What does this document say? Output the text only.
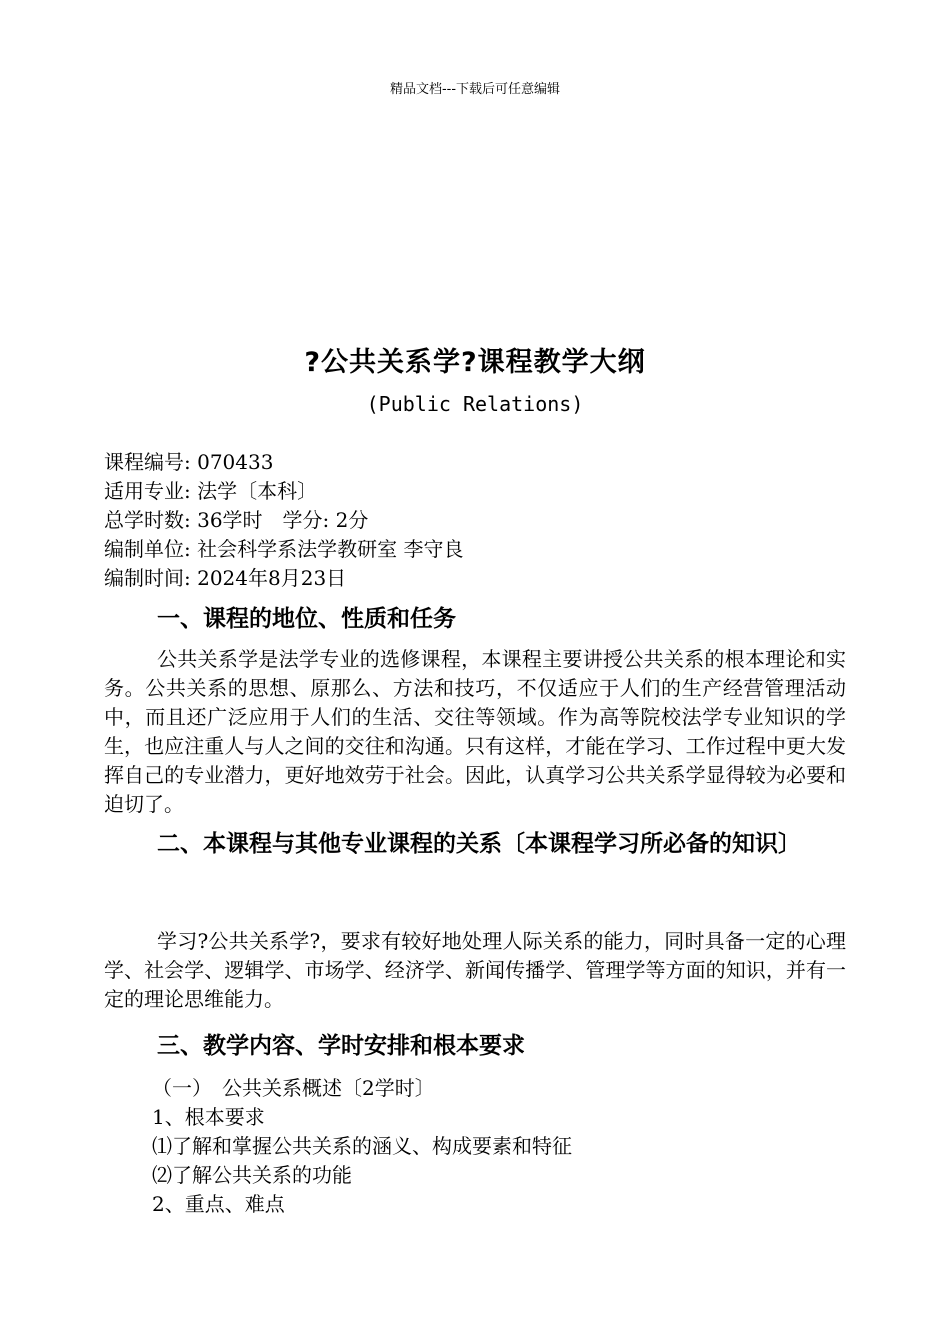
精品文档---下载后可任意编辑
?公共关系学?课程教学大纲
(Public Relations)
课程编号: 070433
适用专业: 法学〔本科〕
总学时数: 36学时　学分: 2分
编制单位: 社会科学系法学教研室 李守良
编制时间: 2024年8月23日
一、课程的地位、性质和任务
公共关系学是法学专业的选修课程，本课程主要讲授公共关系的根本理论和实务。公共关系的思想、原那么、方法和技巧，不仅适应于人们的生产经营管理活动中，而且还广泛应用于人们的生活、交往等领域。作为高等院校法学专业知识的学生，也应注重人与人之间的交往和沟通。只有这样，才能在学习、工作过程中更大发挥自己的专业潜力，更好地效劳于社会。因此，认真学习公共关系学显得较为必要和迫切了。
二、本课程与其他专业课程的关系〔本课程学习所必备的知识〕
学习?公共关系学?，要求有较好地处理人际关系的能力，同时具备一定的心理学、社会学、逻辑学、市场学、经济学、新闻传播学、管理学等方面的知识，并有一定的理论思维能力。
三、教学内容、学时安排和根本要求
（一）　公共关系概述〔2学时〕
1、根本要求
⑴了解和掌握公共关系的涵义、构成要素和特征
⑵了解公共关系的功能
2、重点、难点
